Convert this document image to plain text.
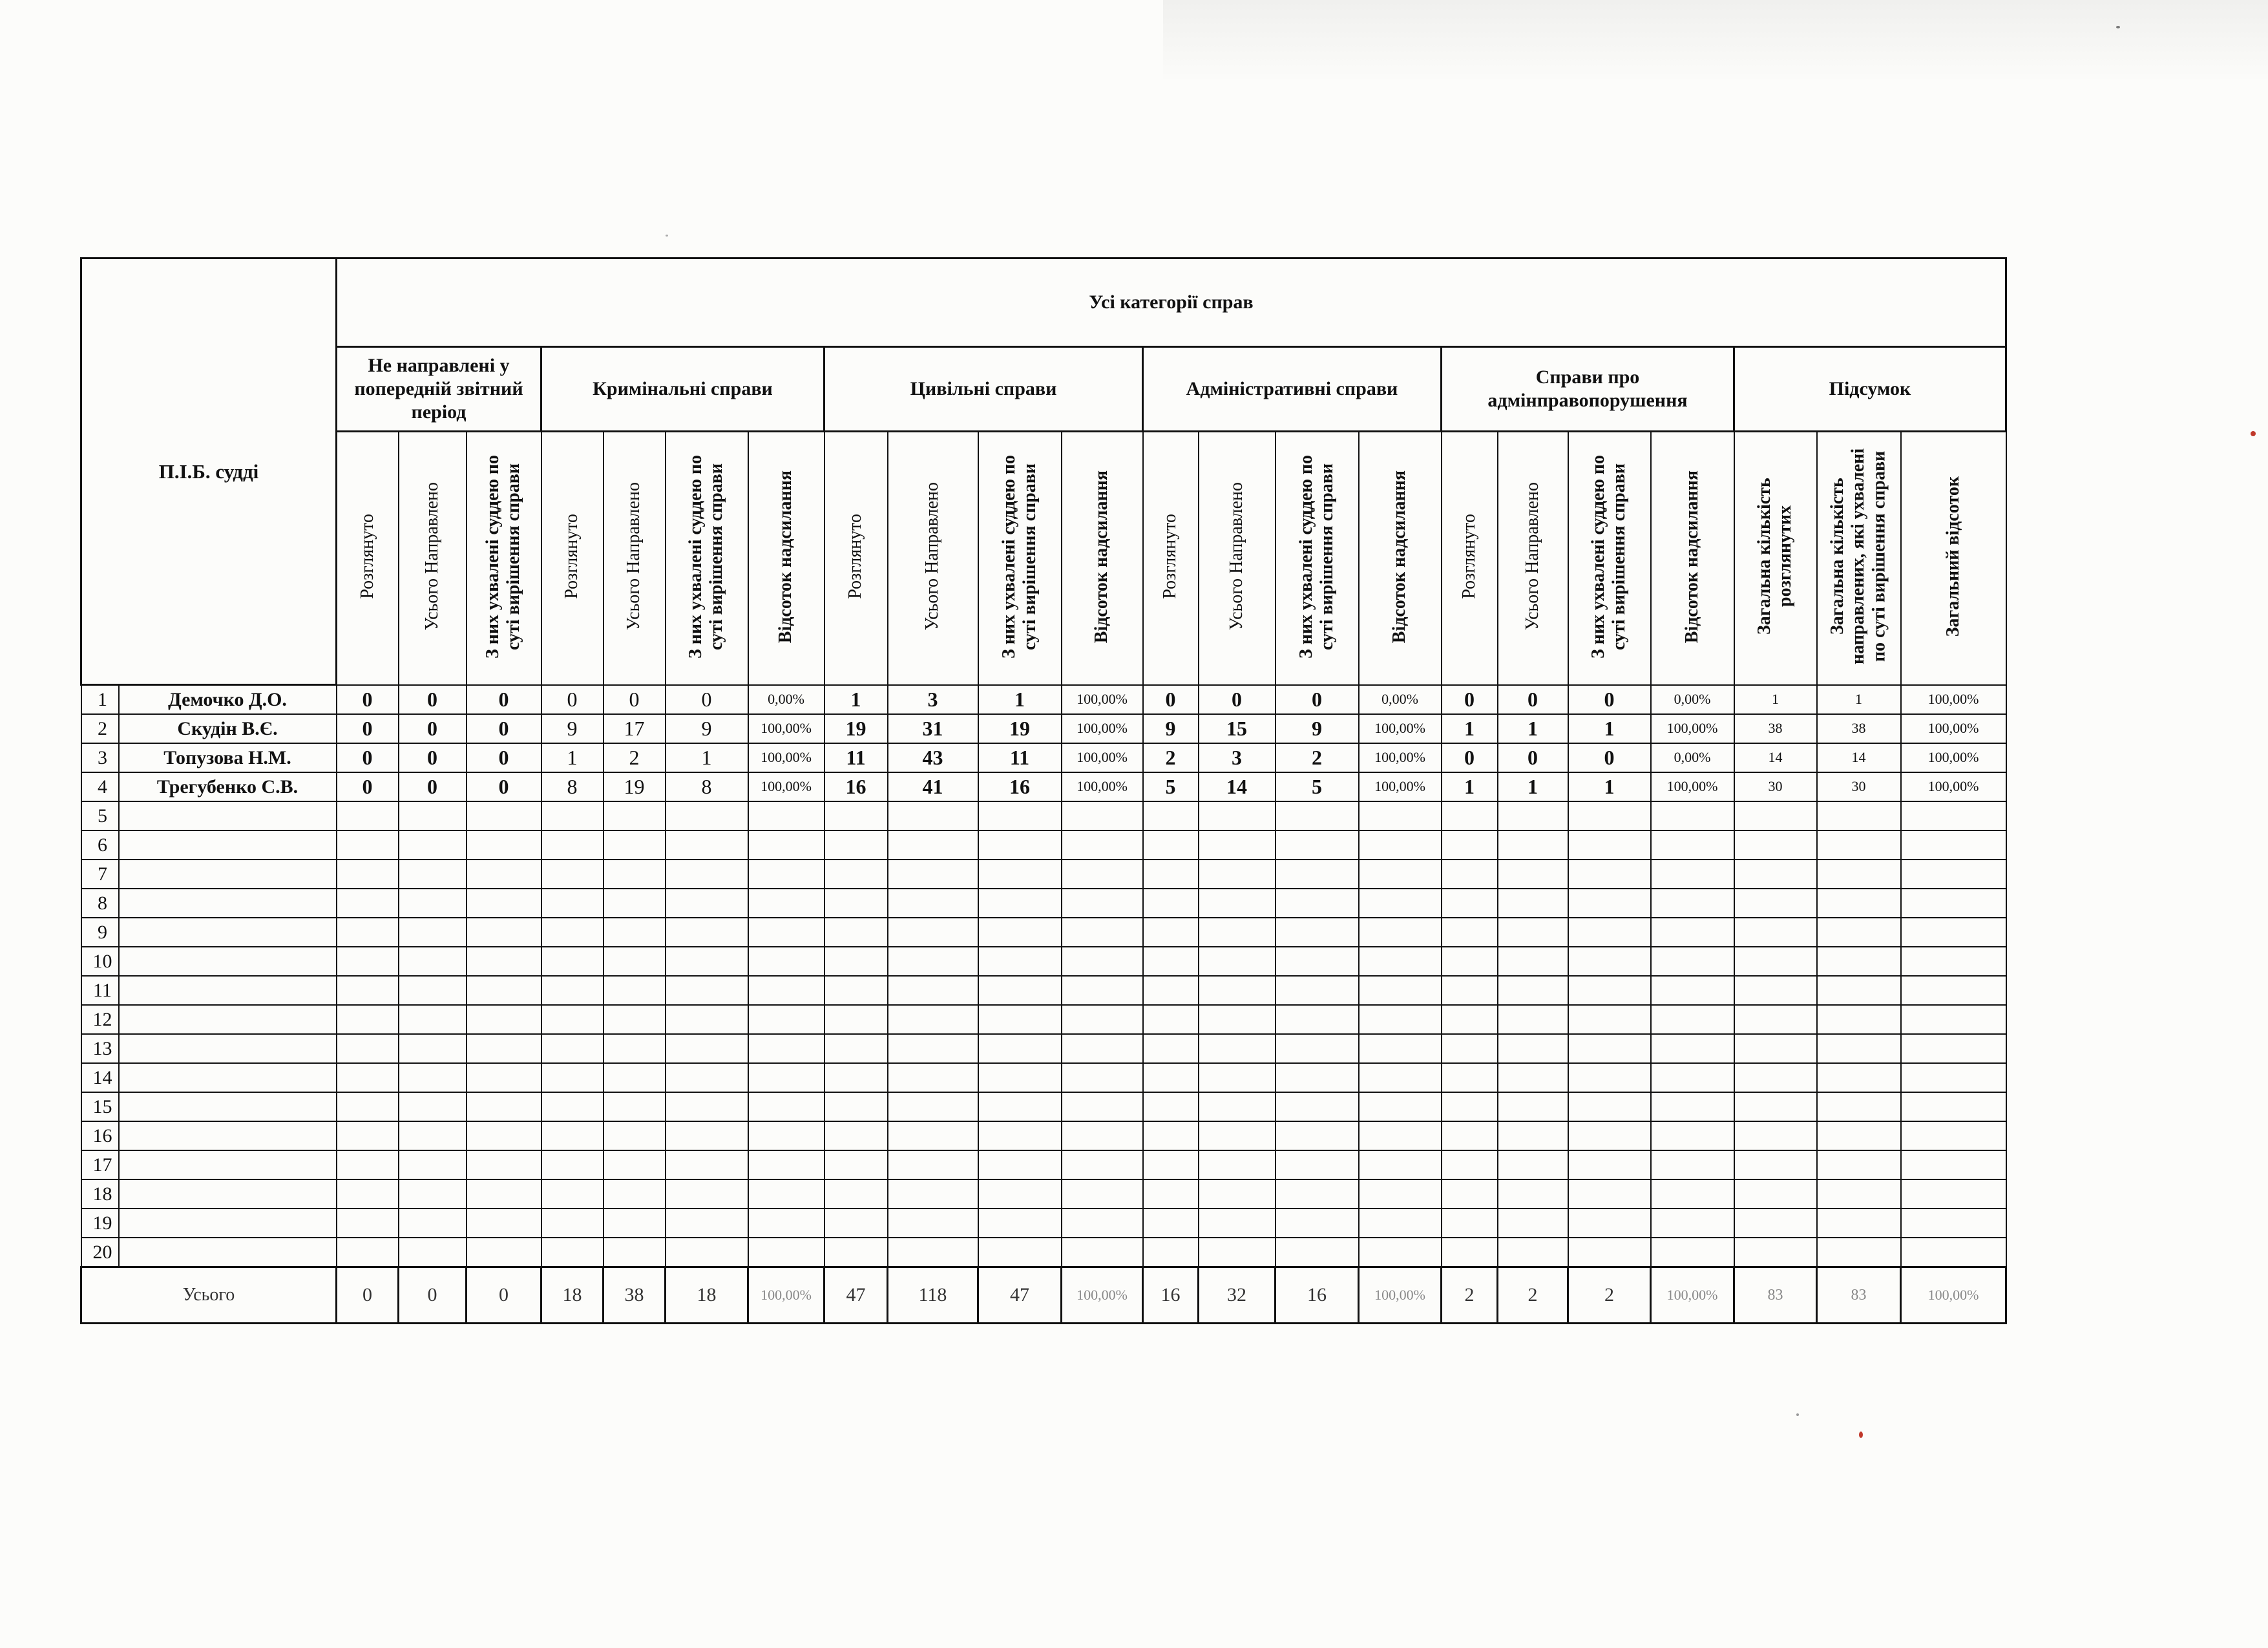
П.І.Б. судді		Усі категорії справ																					
		Не направлені у попередній звітний період			Кримінальні справи				Цивільні справи				Адміністративні справи				Справи про адмінправопорушення				Підсумок		
		Розглянуто	Усього Направлено	З них ухвалені суддею по суті вирішення справи	Розглянуто	Усього Направлено	З них ухвалені суддею по суті вирішення справи	Відсоток надсилання	Розглянуто	Усього Направлено	З них ухвалені суддею по суті вирішення справи	Відсоток надсилання	Розглянуто	Усього Направлено	З них ухвалені суддею по суті вирішення справи	Відсоток надсилання	Розглянуто	Усього Направлено	З них ухвалені суддею по суті вирішення справи	Відсоток надсилання	Загальна кількість розглянутих	Загальна кількість направлених, які ухвалені по суті вирішення справи	Загальний відсоток
1	Демочко Д.О.	0	0	0	0	0	0	0,00%	1	3	1	100,00%	0	0	0	0,00%	0	0	0	0,00%	1	1	100,00%
2	Скудін В.Є.	0	0	0	9	17	9	100,00%	19	31	19	100,00%	9	15	9	100,00%	1	1	1	100,00%	38	38	100,00%
3	Топузова Н.М.	0	0	0	1	2	1	100,00%	11	43	11	100,00%	2	3	2	100,00%	0	0	0	0,00%	14	14	100,00%
4	Трегубенко С.В.	0	0	0	8	19	8	100,00%	16	41	16	100,00%	5	14	5	100,00%	1	1	1	100,00%	30	30	100,00%
5																							
6																							
7																							
8																							
9																							
10																							
11																							
12																							
13																							
14																							
15																							
16																							
17																							
18																							
19																							
20																							
Усього		0	0	0	18	38	18	100,00%	47	118	47	100,00%	16	32	16	100,00%	2	2	2	100,00%	83	83	100,00%
